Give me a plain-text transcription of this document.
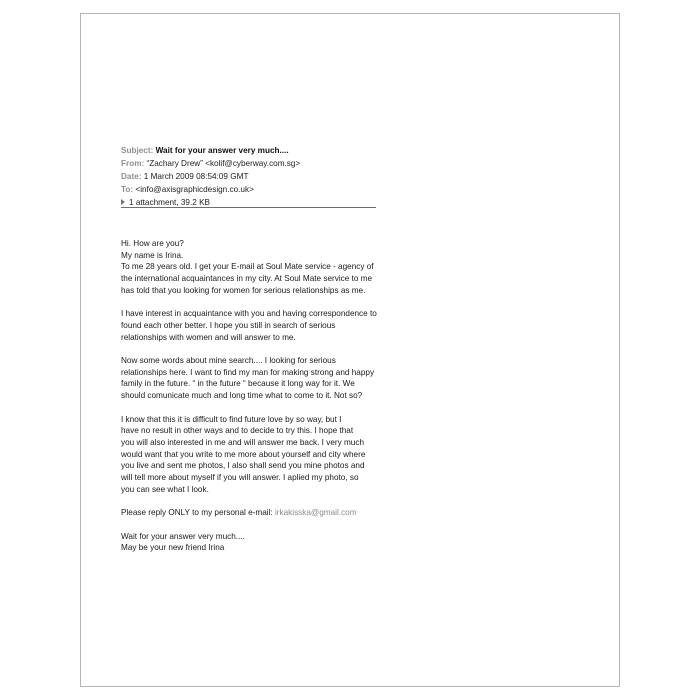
Subject: Wait for your answer very much....
From: “Zachary Drew” <kolif@cyberway.com.sg>
Date: 1 March 2009 08:54:09 GMT
To: <info@axisgraphicdesign.co.uk>
1 attachment, 39.2 KB

Hi. How are you?
My name is Irina.
To me 28 years old. I get your E-mail at Soul Mate service - agency of
the international acquaintances in my city. At Soul Mate service to me
has told that you looking for women for serious relationships as me.

I have interest in acquaintance with you and having correspondence to
found each other better. I hope you still in search of serious
relationships with women and will answer to me.

Now some words about mine search.... I looking for serious
relationships here. I want to find my man for making strong and happy
family in the future. “ in the future “ because it long way for it. We
should comunicate much and long time what to come to it. Not so?

I know that this it is difficult to find future love by so way, but I
have no result in other ways and to decide to try this. I hope that
you will also interested in me and will answer me back. I very much
would want that you write to me more about yourself and city where
you live and sent me photos, I also shall send you mine photos and
will tell more about myself if you will answer. I aplied my photo, so
you can see what I look.

Please reply ONLY to my personal e-mail: irkakisska@gmail.com

Wait for your answer very much....
May be your new friend Irina
